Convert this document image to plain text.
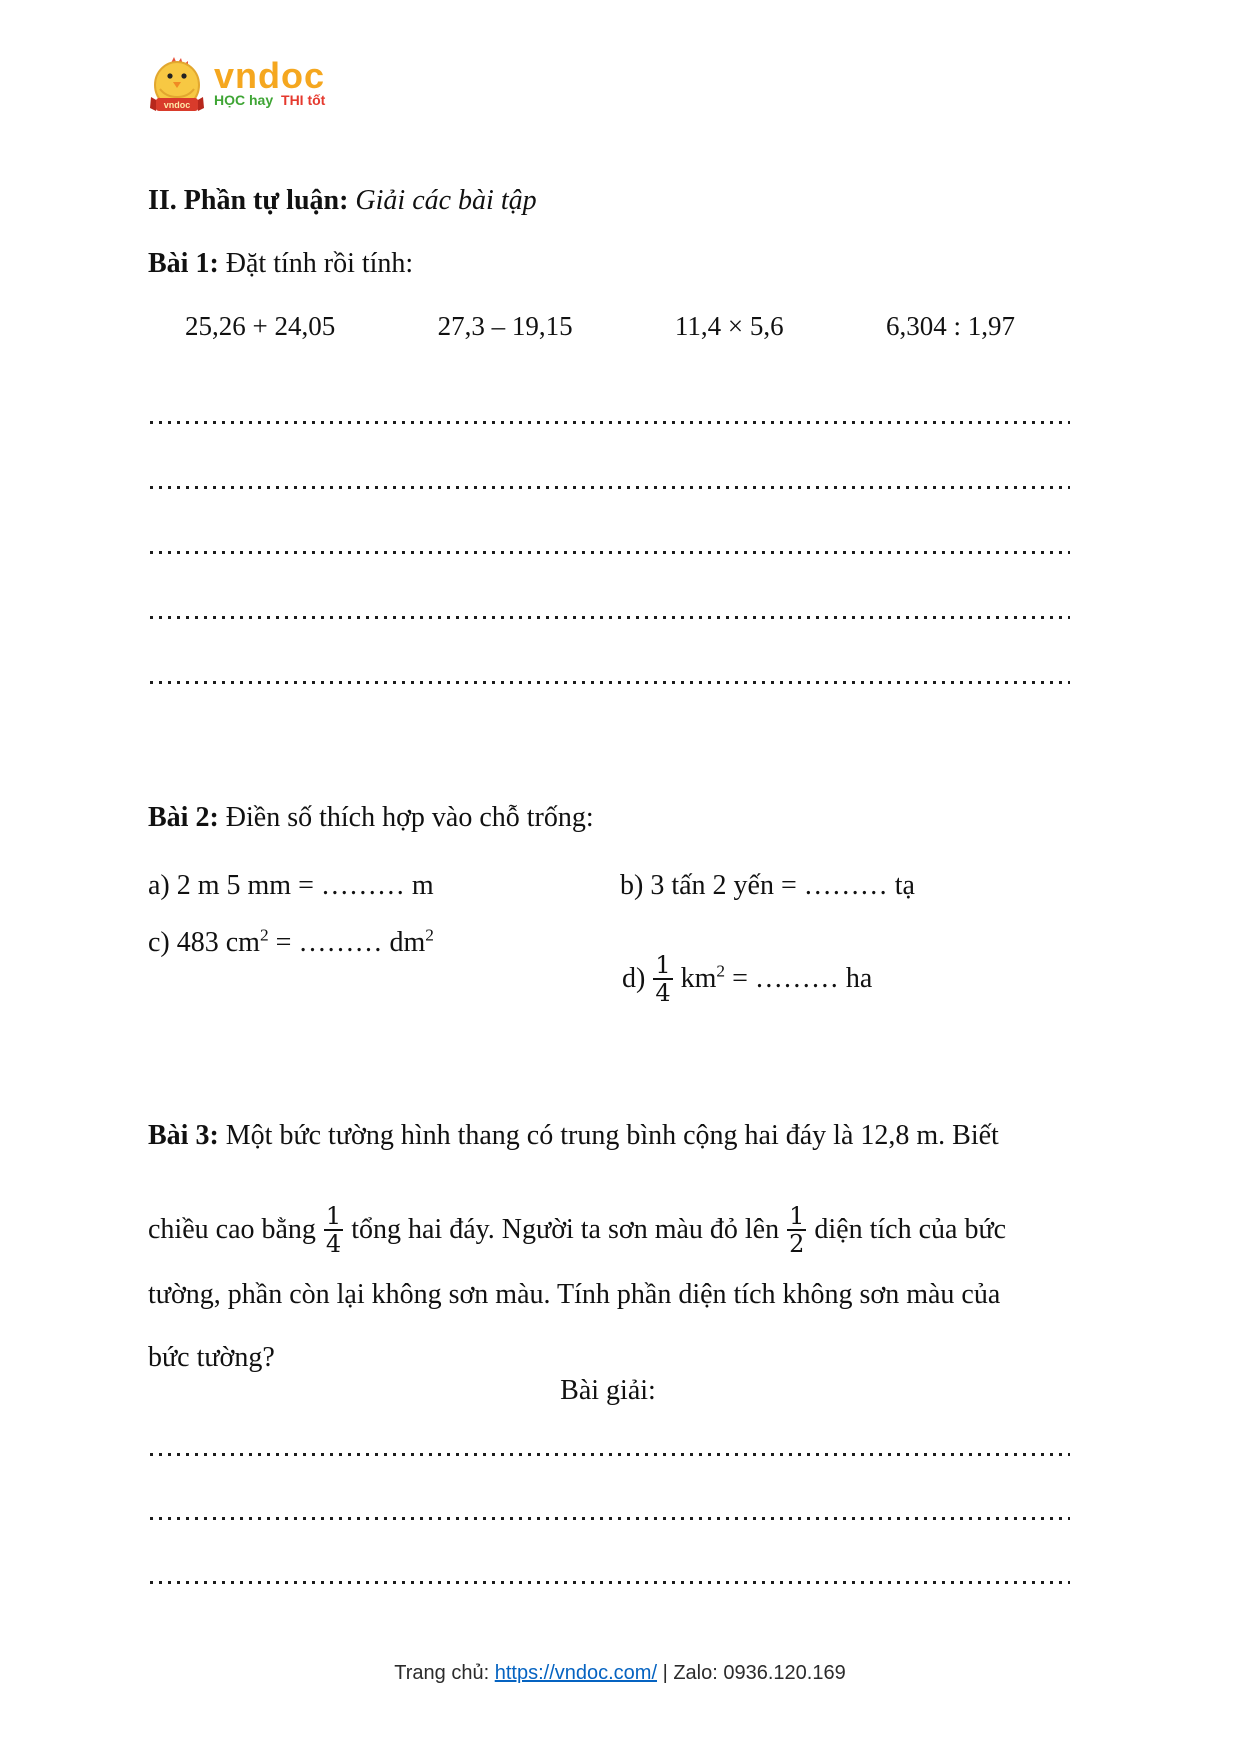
vndoc
vndoc
HỌC hay THI tốt
II. Phần tự luận: Giải các bài tập
Bài 1: Đặt tính rồi tính:
25,26 + 24,05	27,3 – 19,15	11,4 × 5,6	6,304 : 1,97
Bài 2: Điền số thích hợp vào chỗ trống:
a) 2 m 5 mm = ……… m	b) 3 tấn 2 yến = ……… tạ
c) 483 $cm^2$ = ……… $dm^2$
$d) \frac{1}{4} km^2$ = ……… ha
Bài 3: Một bức tường hình thang có trung bình cộng hai đáy là 12,8 m. Biết
chiều cao bằng $\frac{1}{4}$ tổng hai đáy. Người ta sơn màu đỏ lên $\frac{1}{2}$ diện tích của bức
tường, phần còn lại không sơn màu. Tính phần diện tích không sơn màu của
bức tường?
Bài giải:
Trang chủ: https://vndoc.com/ | Zalo: 0936.120.169
